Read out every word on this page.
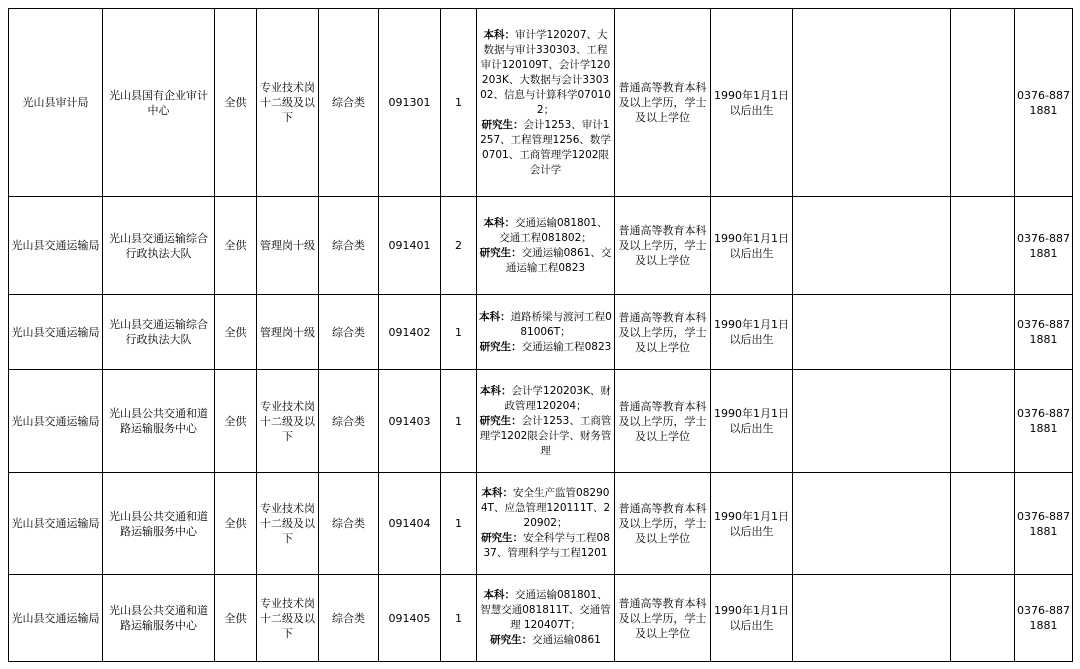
光山县审计局	光山县国有企业审计中心	全供	专业技术岗十二级及以下	综合类	091301	1	本科：审计学120207、大数据与审计330303、工程审计120109T、会计学120203K、大数据与会计330302、信息与计算科学070102；
研究生：会计1253、审计1257、工程管理1256、数学0701、工商管理学1202限会计学	普通高等教育本科及以上学历，学士及以上学位	1990年1月1日以后出生			0376-8871881
光山县交通运输局	光山县交通运输综合行政执法大队	全供	管理岗十级	综合类	091401	2	本科：交通运输081801、交通工程081802；
研究生：交通运输0861、交通运输工程0823	普通高等教育本科及以上学历，学士及以上学位	1990年1月1日以后出生			0376-8871881
光山县交通运输局	光山县交通运输综合行政执法大队	全供	管理岗十级	综合类	091402	1	本科：道路桥梁与渡河工程081006T；
研究生：交通运输工程0823	普通高等教育本科及以上学历，学士及以上学位	1990年1月1日以后出生			0376-8871881
光山县交通运输局	光山县公共交通和道路运输服务中心	全供	专业技术岗十二级及以下	综合类	091403	1	本科：会计学120203K、财政管理120204；
研究生：会计1253、工商管理学1202限会计学、财务管理	普通高等教育本科及以上学历，学士及以上学位	1990年1月1日以后出生			0376-8871881
光山县交通运输局	光山县公共交通和道路运输服务中心	全供	专业技术岗十二级及以下	综合类	091404	1	本科：安全生产监管082904T、应急管理120111T、220902；
研究生：安全科学与工程0837、管理科学与工程1201	普通高等教育本科及以上学历，学士及以上学位	1990年1月1日以后出生			0376-8871881
光山县交通运输局	光山县公共交通和道路运输服务中心	全供	专业技术岗十二级及以下	综合类	091405	1	本科：交通运输081801、智慧交通081811T、交通管理 120407T；
研究生：交通运输0861	普通高等教育本科及以上学历，学士及以上学位	1990年1月1日以后出生			0376-8871881
